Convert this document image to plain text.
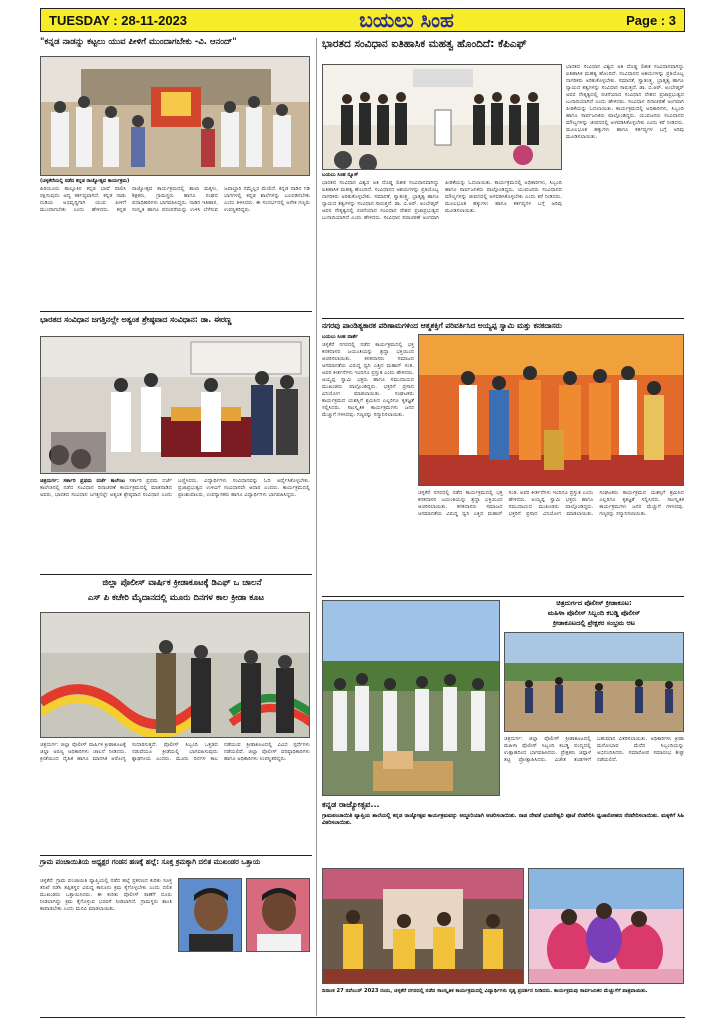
TUESDAY : 28-11-2023	ಬಯಲು ಸಿಂಹ	Page : 3
"ಕನ್ನಡ ನಾಡನ್ನು ಕಟ್ಟಲು ಯುವ ಪೀಳಿಗೆ ಮುಂದಾಗಬೇಕು -ವಿ. ಆನಂದ್"
(ಚಳ್ಳಕೆರೆಯಲ್ಲಿ ನಡೆದ ಕನ್ನಡ ರಾಜ್ಯೋತ್ಸವ ಕಾರ್ಯಕ್ರಮ)
ಹಿರಿಯೂರು ತಾಲ್ಲೂಕಿನ ಕನ್ನಡ ಭಾಷೆ ಪಾಲಿಸಿ ರಕ್ಷಿಸುವುದು ಆದ್ಯ ಕರ್ತವ್ಯವಾಗಿದೆ. ಕನ್ನಡ ನಾಡು ನುಡಿಯ ಅಭಿವೃದ್ಧಿಗಾಗಿ ಯುವ ಪೀಳಿಗೆ ಮುಂದಾಗಬೇಕು ಎಂದು ಹೇಳಿದರು. ಕನ್ನಡ ರಾಜ್ಯೋತ್ಸವ ಕಾರ್ಯಕ್ರಮದಲ್ಲಿ ಶಾಲಾ ಮಕ್ಕಳು, ಶಿಕ್ಷಕರು, ಗ್ರಾಮಸ್ಥರು ಹಾಗೂ ಸಂಘದ ಪದಾಧಿಕಾರಿಗಳು ಭಾಗವಹಿಸಿದ್ದರು. ನಾಡಿನ ಇತಿಹಾಸ, ಸಂಸ್ಕೃತಿ ಹಾಗೂ ಪರಂಪರೆಯನ್ನು ಉಳಿಸಿ ಬೆಳೆಸುವ ಜವಾಬ್ದಾರಿ ನಮ್ಮೆಲ್ಲರ ಮೇಲಿದೆ. ಕನ್ನಡ ನಾಡಿನ ಗಡಿ ಭಾಗಗಳಲ್ಲಿ ಕನ್ನಡ ಶಾಲೆಗಳನ್ನು ಬಲಪಡಿಸಬೇಕು ಎಂದು ತಿಳಿಸಿದರು. ಈ ಸಂದರ್ಭದಲ್ಲಿ ಅನೇಕ ಗಣ್ಯರು ಉಪಸ್ಥಿತರಿದ್ದರು.
ಭಾರತದ ಸಂವಿಧಾನ ಜಗತ್ತಿನಲ್ಲೇ ಅತ್ಯಂತ ಶ್ರೇಷ್ಠವಾದ ಸಂವಿಧಾನ: ಡಾ. ಈರಣ್ಣ
ಚಿತ್ರದುರ್ಗ: ಸರ್ಕಾರಿ ಪ್ರಥಮ ದರ್ಜೆ ಕಾಲೇಜು ಸರ್ಕಾರಿ ಪ್ರಥಮ ದರ್ಜೆ ಕಾಲೇಜಿನಲ್ಲಿ ನಡೆದ ಸಂವಿಧಾನ ದಿನಾಚರಣೆ ಕಾರ್ಯಕ್ರಮದಲ್ಲಿ ಮಾತನಾಡಿದ ಅವರು, ಭಾರತದ ಸಂವಿಧಾನ ಜಗತ್ತಿನಲ್ಲೇ ಅತ್ಯಂತ ಶ್ರೇಷ್ಠವಾದ ಸಂವಿಧಾನ ಎಂದು ಬಣ್ಣಿಸಿದರು. ವಿದ್ಯಾರ್ಥಿಗಳು ಸಂವಿಧಾನವನ್ನು ಓದಿ ಅರ್ಥೈಸಿಕೊಳ್ಳಬೇಕು. ಪ್ರಜಾಪ್ರಭುತ್ವದ ಉಳಿವಿಗೆ ಸಂವಿಧಾನವೇ ಆಧಾರ ಎಂದರು. ಕಾರ್ಯಕ್ರಮದಲ್ಲಿ ಪ್ರಾಂಶುಪಾಲರು, ಉಪನ್ಯಾಸಕರು ಹಾಗೂ ವಿದ್ಯಾರ್ಥಿಗಳು ಭಾಗವಹಿಸಿದ್ದರು.
ಜಿಲ್ಲಾ ಪೊಲೀಸ್ ವಾರ್ಷಿಕ ಕ್ರೀಡಾಕೂಟಕ್ಕೆ ಡಿಎಫ್ ಒ ಚಾಲನೆ
ಎಸ್ ಪಿ ಕಚೇರಿ ಮೈದಾನದಲ್ಲಿ ಮೂರು ದಿನಗಳ ಕಾಲ ಕ್ರೀಡಾ ಕೂಟ
ಚಿತ್ರದುರ್ಗ: ಜಿಲ್ಲಾ ಪೊಲೀಸ್ ವಾರ್ಷಿಕ ಕ್ರೀಡಾಕೂಟಕ್ಕೆ ಜಿಲ್ಲಾ ಅರಣ್ಯ ಅಧಿಕಾರಿಗಳು ಚಾಲನೆ ನೀಡಿದರು. ಕ್ರೀಡೆಯಿಂದ ದೈಹಿಕ ಹಾಗೂ ಮಾನಸಿಕ ಆರೋಗ್ಯ ಸುಧಾರಿಸುತ್ತದೆ. ಪೊಲೀಸ್ ಸಿಬ್ಬಂದಿ ಒತ್ತಡದ ನಡುವೆಯೂ ಕ್ರೀಡೆಯಲ್ಲಿ ಭಾಗವಹಿಸುವುದು ಶ್ಲಾಘನೀಯ ಎಂದರು. ಮೂರು ದಿನಗಳ ಕಾಲ ನಡೆಯುವ ಕ್ರೀಡಾಕೂಟದಲ್ಲಿ ವಿವಿಧ ಸ್ಪರ್ಧೆಗಳು ನಡೆಯಲಿವೆ. ಜಿಲ್ಲಾ ಪೊಲೀಸ್ ವರಿಷ್ಠಾಧಿಕಾರಿಗಳು ಹಾಗೂ ಅಧಿಕಾರಿಗಳು ಉಪಸ್ಥಿತರಿದ್ದರು.
ಗ್ರಾಮ ಪಂಚಾಯಿತಿಯ ಅಧ್ಯಕ್ಷರ ಗಂಡನ ಹಣಕ್ಕೆ ಹಲ್ಲೆ: ಸೂಕ್ತ ಕ್ರಮಕ್ಕಾಗಿ ದಲಿತ ಮುಖಂಡರ ಒತ್ತಾಯ
ಚಳ್ಳಕೆರೆ: ಗ್ರಾಮ ಪಂಚಾಯಿತಿ ವ್ಯಾಪ್ತಿಯಲ್ಲಿ ನಡೆದ ಹಲ್ಲೆ ಪ್ರಕರಣದ ಕುರಿತು ಸೂಕ್ತ ತನಿಖೆ ನಡೆಸಿ ತಪ್ಪಿತಸ್ಥರ ವಿರುದ್ಧ ಕಾನೂನು ಕ್ರಮ ಕೈಗೊಳ್ಳಬೇಕು ಎಂದು ದಲಿತ ಮುಖಂಡರು ಒತ್ತಾಯಿಸಿದರು. ಈ ಕುರಿತು ಪೊಲೀಸ್ ಠಾಣೆಗೆ ದೂರು ನೀಡಲಾಗಿದ್ದು ಕ್ರಮ ಕೈಗೊಳ್ಳುವ ಭರವಸೆ ನೀಡಲಾಗಿದೆ. ಗ್ರಾಮಸ್ಥರು ಶಾಂತಿ ಕಾಪಾಡಬೇಕು ಎಂದು ಮನವಿ ಮಾಡಲಾಯಿತು.
ಭಾರತದ ಸಂವಿಧಾನ ಐತಿಹಾಸಿಕ ಮಹತ್ವ ಹೊಂದಿದೆ: ಕೆಪಿಎಫ್
ಭಾರತದ ಸಂವಿಧಾನ ವಿಶ್ವದ ಅತಿ ದೊಡ್ಡ ಲಿಖಿತ ಸಂವಿಧಾನವಾಗಿದ್ದು ಐತಿಹಾಸಿಕ ಮಹತ್ವ ಹೊಂದಿದೆ. ಸಂವಿಧಾನದ ಆಶಯಗಳನ್ನು ಪ್ರತಿಯೊಬ್ಬ ನಾಗರಿಕರು ಅರಿತುಕೊಳ್ಳಬೇಕು. ಸಮಾನತೆ, ಸ್ವಾತಂತ್ರ್ಯ, ಭ್ರಾತೃತ್ವ ಹಾಗೂ ನ್ಯಾಯದ ತತ್ವಗಳನ್ನು ಸಂವಿಧಾನ ಸಾರುತ್ತದೆ. ಡಾ. ಬಿ.ಆರ್. ಅಂಬೇಡ್ಕರ್ ಅವರ ನೇತೃತ್ವದಲ್ಲಿ ರಚನೆಯಾದ ಸಂವಿಧಾನ ದೇಶದ ಪ್ರಜಾಪ್ರಭುತ್ವದ ಬುನಾದಿಯಾಗಿದೆ ಎಂದು ಹೇಳಿದರು. ಸಂವಿಧಾನ ದಿನಾಚರಣೆ ಅಂಗವಾಗಿ ಪೀಠಿಕೆಯನ್ನು ಓದಲಾಯಿತು. ಕಾರ್ಯಕ್ರಮದಲ್ಲಿ ಅಧಿಕಾರಿಗಳು, ಸಿಬ್ಬಂದಿ ಹಾಗೂ ಸಾರ್ವಜನಿಕರು ಪಾಲ್ಗೊಂಡಿದ್ದರು. ಯುವಜನರು ಸಂವಿಧಾನದ ಮೌಲ್ಯಗಳನ್ನು ಜೀವನದಲ್ಲಿ ಅಳವಡಿಸಿಕೊಳ್ಳಬೇಕು ಎಂದು ಕರೆ ನೀಡಿದರು. ಮೂಲಭೂತ ಹಕ್ಕುಗಳು ಹಾಗೂ ಕರ್ತವ್ಯಗಳ ಬಗ್ಗೆ ಅರಿವು ಮೂಡಿಸಲಾಯಿತು.
ಬಯಲು ಸಿಂಹ ನ್ಯೂಸ್
ಭಾರತದ ಸಂವಿಧಾನ ವಿಶ್ವದ ಅತಿ ದೊಡ್ಡ ಲಿಖಿತ ಸಂವಿಧಾನವಾಗಿದ್ದು ಐತಿಹಾಸಿಕ ಮಹತ್ವ ಹೊಂದಿದೆ. ಸಂವಿಧಾನದ ಆಶಯಗಳನ್ನು ಪ್ರತಿಯೊಬ್ಬ ನಾಗರಿಕರು ಅರಿತುಕೊಳ್ಳಬೇಕು. ಸಮಾನತೆ, ಸ್ವಾತಂತ್ರ್ಯ, ಭ್ರಾತೃತ್ವ ಹಾಗೂ ನ್ಯಾಯದ ತತ್ವಗಳನ್ನು ಸಂವಿಧಾನ ಸಾರುತ್ತದೆ. ಡಾ. ಬಿ.ಆರ್. ಅಂಬೇಡ್ಕರ್ ಅವರ ನೇತೃತ್ವದಲ್ಲಿ ರಚನೆಯಾದ ಸಂವಿಧಾನ ದೇಶದ ಪ್ರಜಾಪ್ರಭುತ್ವದ ಬುನಾದಿಯಾಗಿದೆ ಎಂದು ಹೇಳಿದರು. ಸಂವಿಧಾನ ದಿನಾಚರಣೆ ಅಂಗವಾಗಿ ಪೀಠಿಕೆಯನ್ನು ಓದಲಾಯಿತು. ಕಾರ್ಯಕ್ರಮದಲ್ಲಿ ಅಧಿಕಾರಿಗಳು, ಸಿಬ್ಬಂದಿ ಹಾಗೂ ಸಾರ್ವಜನಿಕರು ಪಾಲ್ಗೊಂಡಿದ್ದರು. ಯುವಜನರು ಸಂವಿಧಾನದ ಮೌಲ್ಯಗಳನ್ನು ಜೀವನದಲ್ಲಿ ಅಳವಡಿಸಿಕೊಳ್ಳಬೇಕು ಎಂದು ಕರೆ ನೀಡಿದರು. ಮೂಲಭೂತ ಹಕ್ಕುಗಳು ಹಾಗೂ ಕರ್ತವ್ಯಗಳ ಬಗ್ಗೆ ಅರಿವು ಮೂಡಿಸಲಾಯಿತು.
ನಗರವು ಪಾಂಡಿತ್ಯಕಾರಕ ಪರಿಣಾಮಗಳಿಂದ ಆತ್ಮಶಕ್ತಿಗೆ ಪರಿವರ್ತಿಸಿದ ಅಯ್ಯಪ್ಪ ಸ್ವಾಮಿ ಮತ್ತು ಕನಕದಾಸರು
ಬಯಲು ಸಿಂಹ ವಾರ್ತೆ
ಚಳ್ಳಕೆರೆ ನಗರದಲ್ಲಿ ನಡೆದ ಕಾರ್ಯಕ್ರಮದಲ್ಲಿ ಭಕ್ತ ಕನಕದಾಸರ ಜಯಂತಿಯನ್ನು ಶ್ರದ್ಧಾ ಭಕ್ತಿಯಿಂದ ಆಚರಿಸಲಾಯಿತು. ಕನಕದಾಸರು ಸಮಾಜದ ಅಸಮಾನತೆಯ ವಿರುದ್ಧ ಧ್ವನಿ ಎತ್ತಿದ ಮಹಾನ್ ಸಂತ. ಅವರ ಕೀರ್ತನೆಗಳು ಇಂದಿಗೂ ಪ್ರಸ್ತುತ ಎಂದು ಹೇಳಿದರು. ಅಯ್ಯಪ್ಪ ಸ್ವಾಮಿ ಭಕ್ತರು ಹಾಗೂ ಸಮುದಾಯದ ಮುಖಂಡರು ಪಾಲ್ಗೊಂಡಿದ್ದರು. ಭಕ್ತರಿಗೆ ಪ್ರಸಾದ ವಿನಿಯೋಗ ಮಾಡಲಾಯಿತು. ಸಂಘಟಕರು ಕಾರ್ಯಕ್ರಮದ ಯಶಸ್ಸಿಗೆ ಶ್ರಮಿಸಿದ ಎಲ್ಲರಿಗೂ ಕೃತಜ್ಞತೆ ಸಲ್ಲಿಸಿದರು. ಸಾಂಸ್ಕೃತಿಕ ಕಾರ್ಯಕ್ರಮಗಳು ಜನರ ಮೆಚ್ಚುಗೆ ಗಳಿಸಿದವು. ಗಣ್ಯರನ್ನು ಸನ್ಮಾನಿಸಲಾಯಿತು.
ಚಳ್ಳಕೆರೆ ನಗರದಲ್ಲಿ ನಡೆದ ಕಾರ್ಯಕ್ರಮದಲ್ಲಿ ಭಕ್ತ ಕನಕದಾಸರ ಜಯಂತಿಯನ್ನು ಶ್ರದ್ಧಾ ಭಕ್ತಿಯಿಂದ ಆಚರಿಸಲಾಯಿತು. ಕನಕದಾಸರು ಸಮಾಜದ ಅಸಮಾನತೆಯ ವಿರುದ್ಧ ಧ್ವನಿ ಎತ್ತಿದ ಮಹಾನ್ ಸಂತ. ಅವರ ಕೀರ್ತನೆಗಳು ಇಂದಿಗೂ ಪ್ರಸ್ತುತ ಎಂದು ಹೇಳಿದರು. ಅಯ್ಯಪ್ಪ ಸ್ವಾಮಿ ಭಕ್ತರು ಹಾಗೂ ಸಮುದಾಯದ ಮುಖಂಡರು ಪಾಲ್ಗೊಂಡಿದ್ದರು. ಭಕ್ತರಿಗೆ ಪ್ರಸಾದ ವಿನಿಯೋಗ ಮಾಡಲಾಯಿತು. ಸಂಘಟಕರು ಕಾರ್ಯಕ್ರಮದ ಯಶಸ್ಸಿಗೆ ಶ್ರಮಿಸಿದ ಎಲ್ಲರಿಗೂ ಕೃತಜ್ಞತೆ ಸಲ್ಲಿಸಿದರು. ಸಾಂಸ್ಕೃತಿಕ ಕಾರ್ಯಕ್ರಮಗಳು ಜನರ ಮೆಚ್ಚುಗೆ ಗಳಿಸಿದವು. ಗಣ್ಯರನ್ನು ಸನ್ಮಾನಿಸಲಾಯಿತು.
ಕನ್ನಡ ರಾಜ್ಯೋತ್ಸವ...
ಗ್ರಾಮಪಂಚಾಯಿತಿ ವ್ಯಾಪ್ತಿಯ ಶಾಲೆಯಲ್ಲಿ ಕನ್ನಡ ರಾಜ್ಯೋತ್ಸವ ಕಾರ್ಯಕ್ರಮವನ್ನು ಅದ್ದೂರಿಯಾಗಿ ಆಚರಿಸಲಾಯಿತು. ನಾಡ ದೇವತೆ ಭುವನೇಶ್ವರಿ ಪೂಜೆ ನೆರವೇರಿಸಿ ಧ್ವಜಾರೋಹಣ ನೆರವೇರಿಸಲಾಯಿತು. ಮಕ್ಕಳಿಗೆ ಸಿಹಿ ವಿತರಿಸಲಾಯಿತು.
ಚಿತ್ರದುರ್ಗದ ಪೊಲೀಸ್ ಕ್ರೀಡಾಕೂಟ:
ಮಹಿಳಾ ಪೊಲೀಸ್ ಸಿಬ್ಬಂದಿ ಕಬಡ್ಡಿ ಪೊಲೀಸ್
ಕ್ರೀಡಾಕೂಟದಲ್ಲಿ ಪ್ರೇಕ್ಷಕರ ಸಂಭ್ರಮ ಆಟ
ಚಿತ್ರದುರ್ಗ: ಜಿಲ್ಲಾ ಪೊಲೀಸ್ ಕ್ರೀಡಾಕೂಟದಲ್ಲಿ ಮಹಿಳಾ ಪೊಲೀಸ್ ಸಿಬ್ಬಂದಿ ಕಬಡ್ಡಿ ಪಂದ್ಯದಲ್ಲಿ ಉತ್ಸಾಹದಿಂದ ಭಾಗವಹಿಸಿದರು. ಪ್ರೇಕ್ಷಕರು ಚಪ್ಪಾಳೆ ತಟ್ಟಿ ಪ್ರೋತ್ಸಾಹಿಸಿದರು. ವಿಜೇತ ತಂಡಗಳಿಗೆ ಬಹುಮಾನ ವಿತರಿಸಲಾಯಿತು. ಅಧಿಕಾರಿಗಳು ಕ್ರೀಡಾ ಮನೋಭಾವ ಮೆರೆದ ಸಿಬ್ಬಂದಿಯನ್ನು ಅಭಿನಂದಿಸಿದರು. ಸಮಾರೋಪ ಸಮಾರಂಭ ಶೀಘ್ರ ನಡೆಯಲಿದೆ.
ದಿನಾಂಕ 27 ನವೆಂಬರ್ 2023 ರಂದು, ಚಳ್ಳಕೆರೆ ನಗರದಲ್ಲಿ ನಡೆದ ಸಾಂಸ್ಕೃತಿಕ ಕಾರ್ಯಕ್ರಮದಲ್ಲಿ ವಿದ್ಯಾರ್ಥಿಗಳು ನೃತ್ಯ ಪ್ರದರ್ಶನ ನೀಡಿದರು. ಕಾರ್ಯಕ್ರಮವು ಸಾರ್ವಜನಿಕರ ಮೆಚ್ಚುಗೆಗೆ ಪಾತ್ರವಾಯಿತು.
